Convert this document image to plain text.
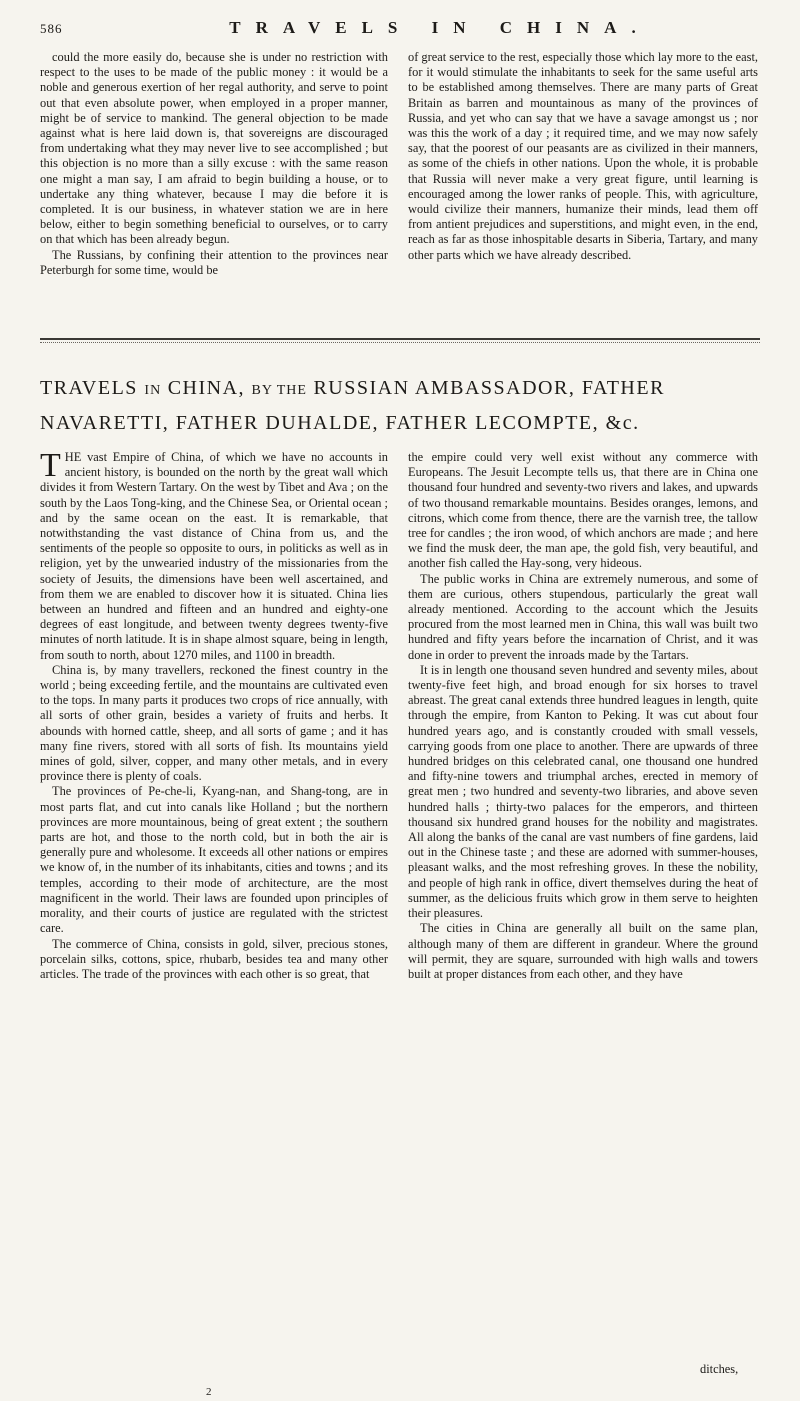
586	TRAVELS IN CHINA.

could the more easily do, because she is under no restriction with respect to the uses to be made of the public money : it would be a noble and generous exertion of her regal authority, and serve to point out that even absolute power, when employed in a proper manner, might be of service to mankind. The general objection to be made against what is here laid down is, that sovereigns are discouraged from undertaking what they may never live to see accomplished ; but this objection is no more than a silly excuse : with the same reason one might a man say, I am afraid to begin building a house, or to undertake any thing whatever, because I may die before it is completed. It is our business, in whatever station we are in here below, either to begin something beneficial to ourselves, or to carry on that which has been already begun.

The Russians, by confining their attention to the provinces near Peterburgh for some time, would be

of great service to the rest, especially those which lay more to the east, for it would stimulate the inhabitants to seek for the same useful arts to be established among themselves. There are many parts of Great Britain as barren and mountainous as many of the provinces of Russia, and yet who can say that we have a savage amongst us ; nor was this the work of a day ; it required time, and we may now safely say, that the poorest of our peasants are as civilized in their manners, as some of the chiefs in other nations. Upon the whole, it is probable that Russia will never make a very great figure, until learning is encouraged among the lower ranks of people. This, with agriculture, would civilize their manners, humanize their minds, lead them off from antient prejudices and superstitions, and might even, in the end, reach as far as those inhospitable desarts in Siberia, Tartary, and many other parts which we have already described.

TRAVELS IN CHINA, BY THE RUSSIAN AMBASSADOR, FATHER
NAVARETTI, FATHER DUHALDE, FATHER LECOMPTE, &c.

THE vast Empire of China, of which we have no accounts in ancient history, is bounded on the north by the great wall which divides it from Western Tartary. On the west by Tibet and Ava ; on the south by the Laos Tong-king, and the Chinese Sea, or Oriental ocean ; and by the same ocean on the east. It is remarkable, that notwithstanding the vast distance of China from us, and the sentiments of the people so opposite to ours, in politicks as well as in religion, yet by the unwearied industry of the missionaries from the society of Jesuits, the dimensions have been well ascertained, and from them we are enabled to discover how it is situated. China lies between an hundred and fifteen and an hundred and eighty-one degrees of east longitude, and between twenty degrees twenty-five minutes of north latitude. It is in shape almost square, being in length, from south to north, about 1270 miles, and 1100 in breadth.

China is, by many travellers, reckoned the finest country in the world ; being exceeding fertile, and the mountains are cultivated even to the tops. In many parts it produces two crops of rice annually, with all sorts of other grain, besides a variety of fruits and herbs. It abounds with horned cattle, sheep, and all sorts of game ; and it has many fine rivers, stored with all sorts of fish. Its mountains yield mines of gold, silver, copper, and many other metals, and in every province there is plenty of coals.

The provinces of Pe-che-li, Kyang-nan, and Shang-tong, are in most parts flat, and cut into canals like Holland ; but the northern provinces are more mountainous, being of great extent ; the southern parts are hot, and those to the north cold, but in both the air is generally pure and wholesome. It exceeds all other nations or empires we know of, in the number of its inhabitants, cities and towns ; and its temples, according to their mode of architecture, are the most magnificent in the world. Their laws are founded upon principles of morality, and their courts of justice are regulated with the strictest care.

The commerce of China, consists in gold, silver, precious stones, porcelain silks, cottons, spice, rhubarb, besides tea and many other articles. The trade of the provinces with each other is so great, that

the empire could very well exist without any commerce with Europeans. The Jesuit Lecompte tells us, that there are in China one thousand four hundred and seventy-two rivers and lakes, and upwards of two thousand remarkable mountains. Besides oranges, lemons, and citrons, which come from thence, there are the varnish tree, the tallow tree for candles ; the iron wood, of which anchors are made ; and here we find the musk deer, the man ape, the gold fish, very beautiful, and another fish called the Hay-song, very hideous.

The public works in China are extremely numerous, and some of them are curious, others stupendous, particularly the great wall already mentioned. According to the account which the Jesuits procured from the most learned men in China, this wall was built two hundred and fifty years before the incarnation of Christ, and it was done in order to prevent the inroads made by the Tartars.

It is in length one thousand seven hundred and seventy miles, about twenty-five feet high, and broad enough for six horses to travel abreast. The great canal extends three hundred leagues in length, quite through the empire, from Kanton to Peking. It was cut about four hundred years ago, and is constantly crouded with small vessels, carrying goods from one place to another. There are upwards of three hundred bridges on this celebrated canal, one thousand one hundred and fifty-nine towers and triumphal arches, erected in memory of great men ; two hundred and seventy-two libraries, and above seven hundred halls ; thirty-two palaces for the emperors, and thirteen thousand six hundred grand houses for the nobility and magistrates. All along the banks of the canal are vast numbers of fine gardens, laid out in the Chinese taste ; and these are adorned with summer-houses, pleasant walks, and the most refreshing groves. In these the nobility, and people of high rank in office, divert themselves during the heat of summer, as the delicious fruits which grow in them serve to heighten their pleasures.

The cities in China are generally all built on the same plan, although many of them are different in grandeur. Where the ground will permit, they are square, surrounded with high walls and towers built at proper distances from each other, and they have

ditches,
2
